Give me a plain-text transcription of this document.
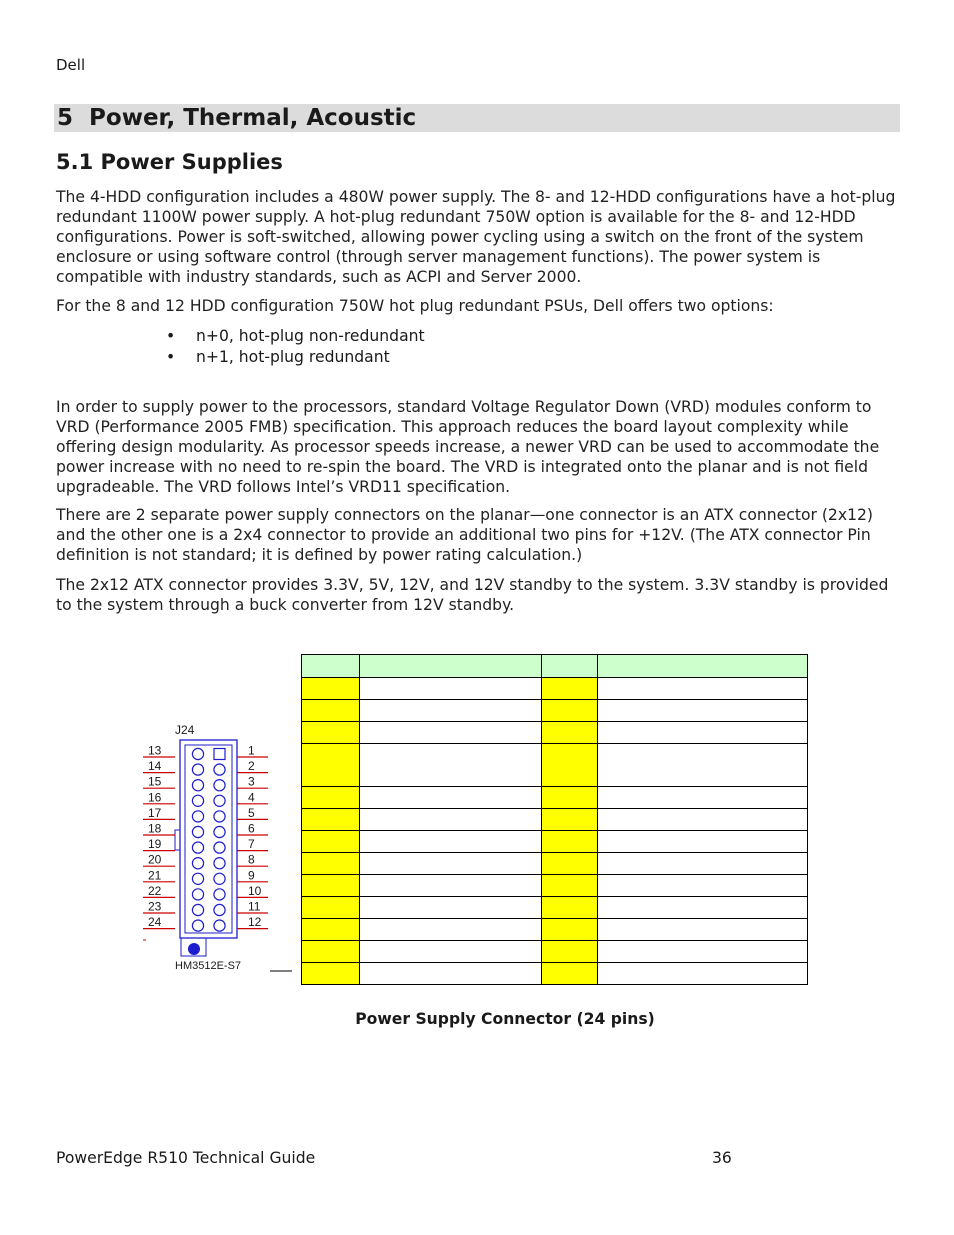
Dell
5 Power, Thermal, Acoustic
5.1 Power Supplies
The 4-HDD configuration includes a 480W power supply. The 8- and 12-HDD configurations have a hot-plug redundant 1100W power supply. A hot-plug redundant 750W option is available for the 8- and 12-HDD configurations. Power is soft-switched, allowing power cycling using a switch on the front of the system enclosure or using software control (through server management functions). The power system is compatible with industry standards, such as ACPI and Server 2000.
For the 8 and 12 HDD configuration 750W hot plug redundant PSUs, Dell offers two options:
• n+0, hot-plug non-redundant
• n+1, hot-plug redundant
In order to supply power to the processors, standard Voltage Regulator Down (VRD) modules conform to VRD (Performance 2005 FMB) specification. This approach reduces the board layout complexity while offering design modularity. As processor speeds increase, a newer VRD can be used to accommodate the power increase with no need to re-spin the board. The VRD is integrated onto the planar and is not field upgradeable. The VRD follows Intel’s VRD11 specification.
There are 2 separate power supply connectors on the planar—one connector is an ATX connector (2x12) and the other one is a 2x4 connector to provide an additional two pins for +12V. (The ATX connector Pin definition is not standard; it is defined by power rating calculation.)
The 2x12 ATX connector provides 3.3V, 5V, 12V, and 12V standby to the system. 3.3V standby is provided to the system through a buck converter from 12V standby.
J24
HM3512E-S7
13
14
15
16
17
18
19
20
21
22
23
24
1
2
3
4
5
6
7
8
9
10
11
12

Power Supply Connector (24 pins)
PowerEdge R510 Technical Guide	36
